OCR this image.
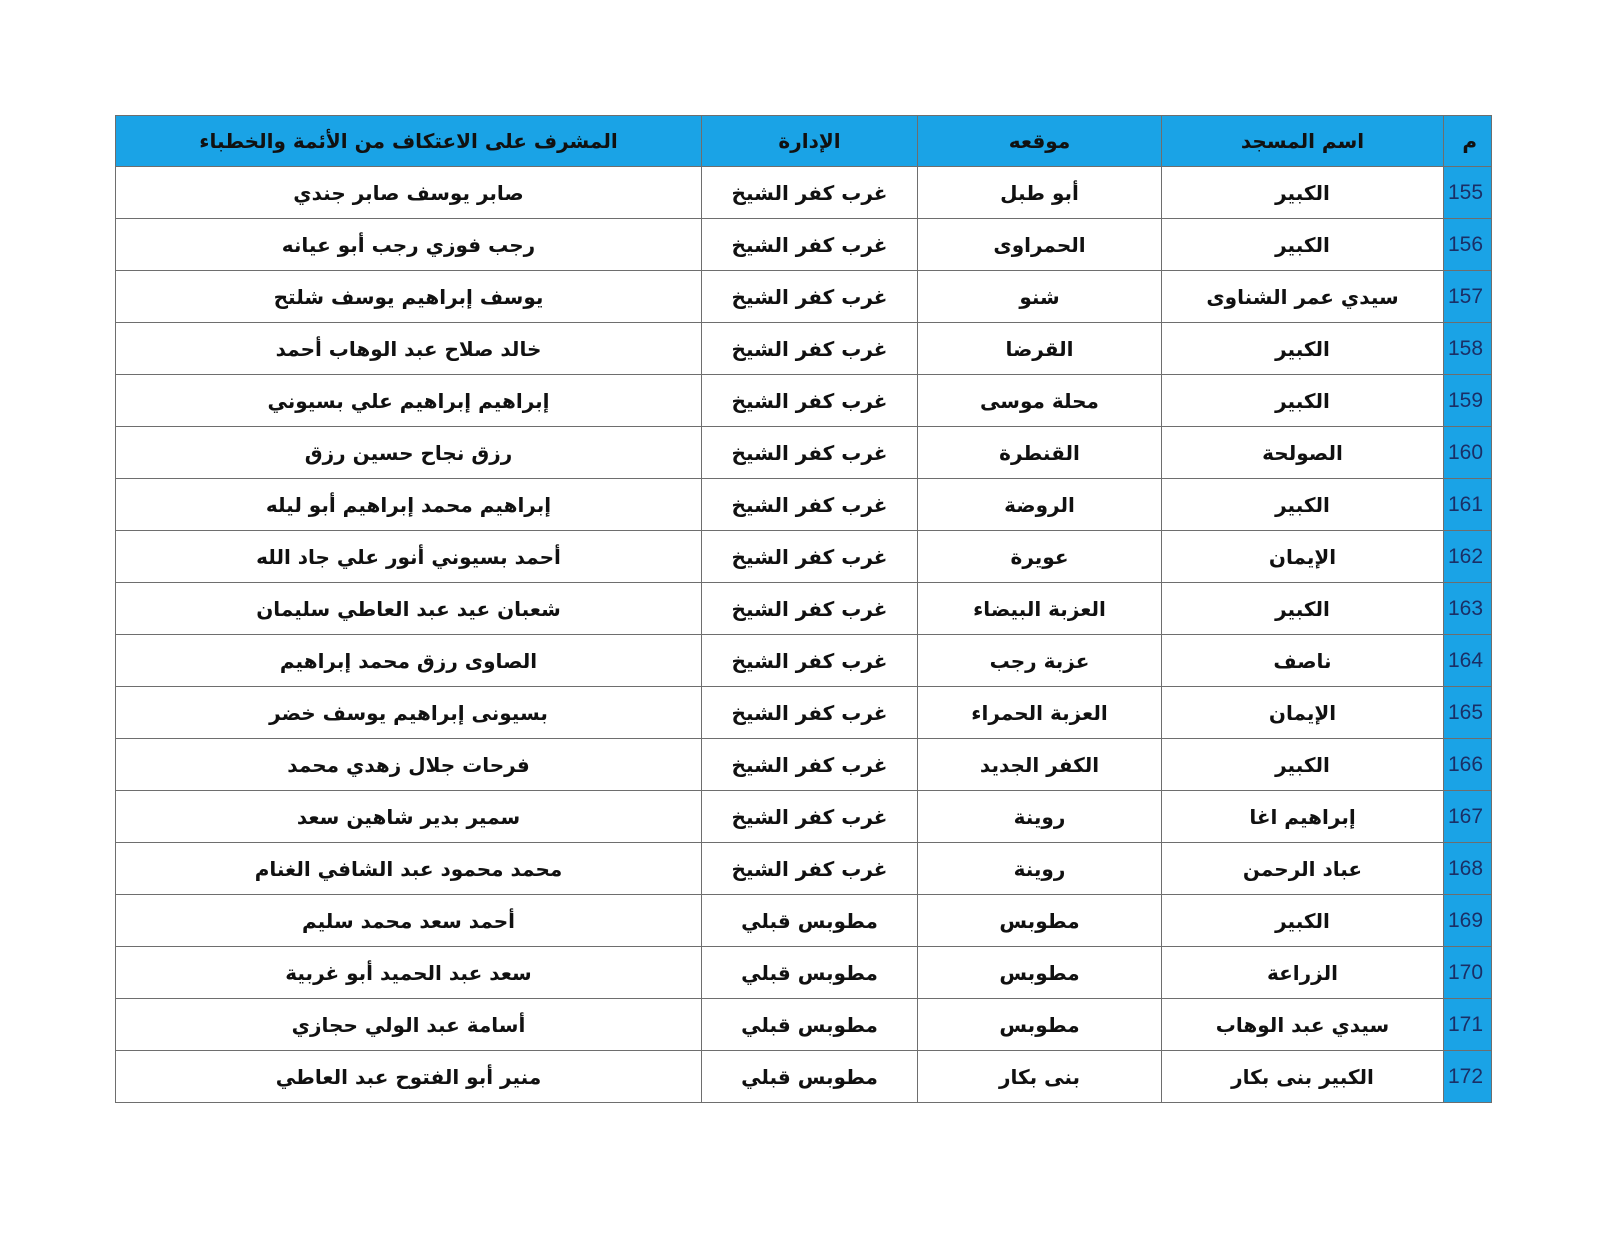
م	اسم المسجد	موقعه	الإدارة	المشرف على الاعتكاف من الأئمة والخطباء
155	الكبير	أبو طبل	غرب كفر الشيخ	صابر يوسف صابر جندي
156	الكبير	الحمراوى	غرب كفر الشيخ	رجب فوزي رجب أبو عيانه
157	سيدي عمر الشناوى	شنو	غرب كفر الشيخ	يوسف إبراهيم يوسف شلتح
158	الكبير	القرضا	غرب كفر الشيخ	خالد صلاح عبد الوهاب أحمد
159	الكبير	محلة موسى	غرب كفر الشيخ	إبراهيم إبراهيم علي بسيوني
160	الصولحة	القنطرة	غرب كفر الشيخ	رزق نجاح حسين رزق
161	الكبير	الروضة	غرب كفر الشيخ	إبراهيم محمد إبراهيم أبو ليله
162	الإيمان	عويرة	غرب كفر الشيخ	أحمد بسيوني أنور علي جاد الله
163	الكبير	العزبة البيضاء	غرب كفر الشيخ	شعبان عيد عبد العاطي سليمان
164	ناصف	عزبة رجب	غرب كفر الشيخ	الصاوى رزق محمد إبراهيم
165	الإيمان	العزبة الحمراء	غرب كفر الشيخ	بسيونى إبراهيم يوسف خضر
166	الكبير	الكفر الجديد	غرب كفر الشيخ	فرحات جلال زهدي محمد
167	إبراهيم اغا	روينة	غرب كفر الشيخ	سمير بدير شاهين سعد
168	عباد الرحمن	روينة	غرب كفر الشيخ	محمد محمود عبد الشافي الغنام
169	الكبير	مطوبس	مطوبس قبلي	أحمد سعد محمد سليم
170	الزراعة	مطوبس	مطوبس قبلي	سعد عبد الحميد أبو غربية
171	سيدي عبد الوهاب	مطوبس	مطوبس قبلي	أسامة عبد الولي حجازي
172	الكبير بنى بكار	بنى بكار	مطوبس قبلي	منير أبو الفتوح عبد العاطي
